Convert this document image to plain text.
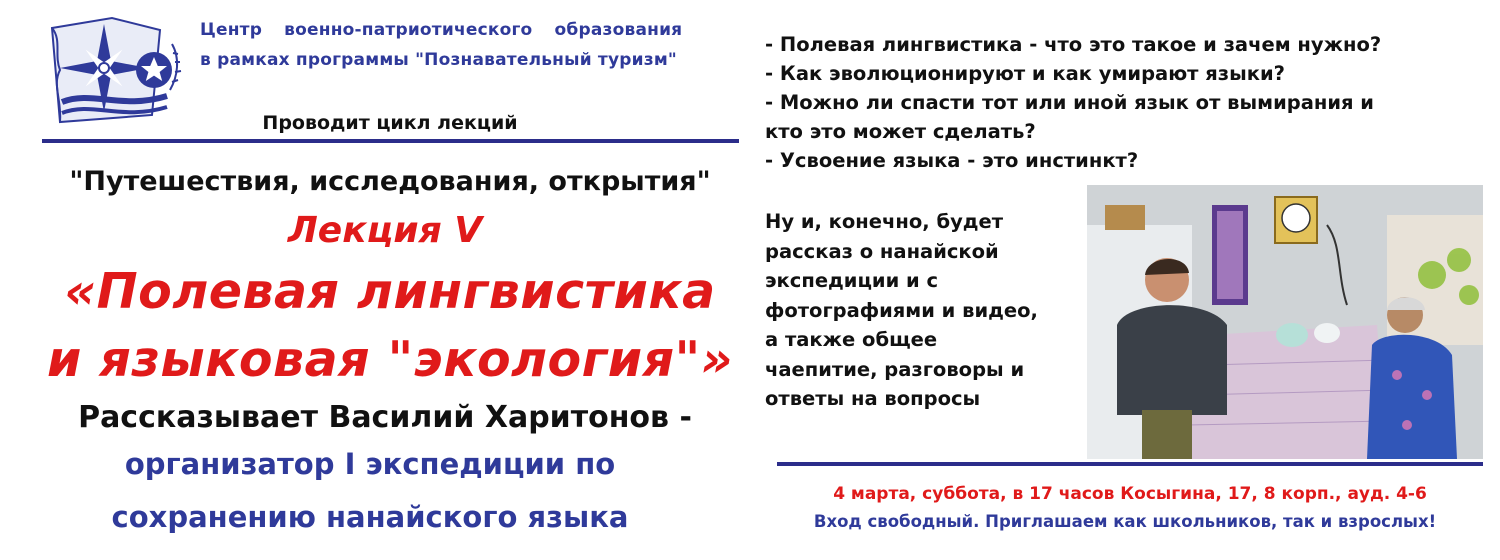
Центр военно-патриотического образования
в рамках программы "Познавательный туризм"
Проводит цикл лекций
"Путешествия, исследования, открытия"
Лекция V
«Полевая лингвистика
и языковая "экология"»
Рассказывает Василий Харитонов -
организатор I экспедиции по
сохранению нанайского языка
- Полевая лингвистика - что это такое и зачем нужно?
- Как эволюционируют и как умирают языки?
- Можно ли спасти тот или иной язык от вымирания и
кто это может сделать?
- Усвоение языка - это инстинкт?
Ну и, конечно, будет
рассказ о нанайской
экспедиции и с
фотографиями и видео,
а также общее
чаепитие, разговоры и
ответы на вопросы
4 марта, суббота, в 17 часов Косыгина, 17, 8 корп., ауд. 4-6
Вход свободный. Приглашаем как школьников, так и взрослых!
